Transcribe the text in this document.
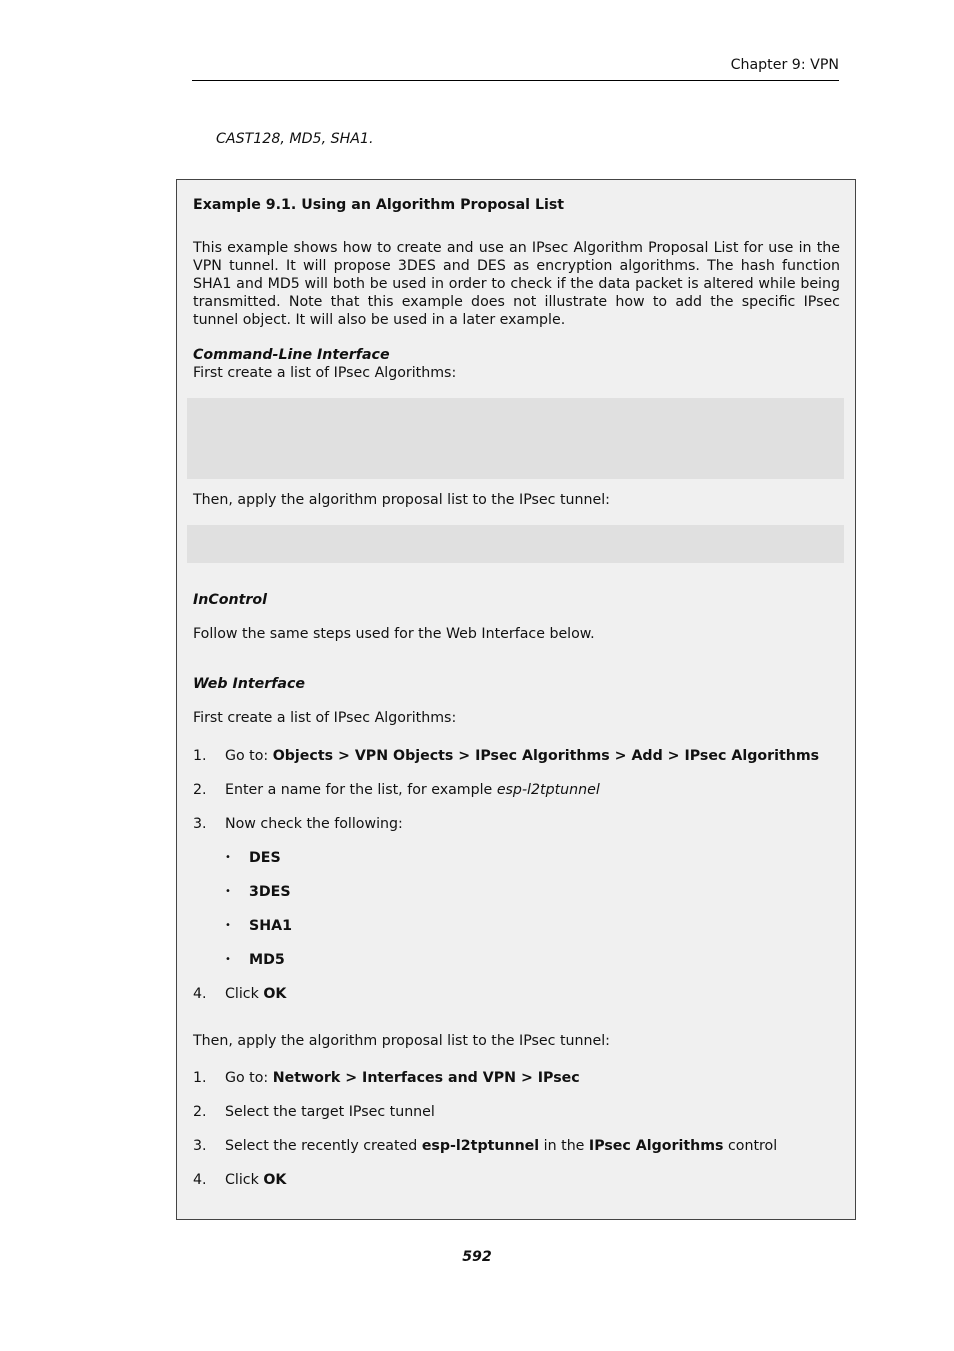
Chapter 9: VPN
CAST128, MD5, SHA1.
Example 9.1. Using an Algorithm Proposal List
This example shows how to create and use an IPsec Algorithm Proposal List for use in the VPN tunnel. It will propose 3DES and DES as encryption algorithms. The hash function SHA1 and MD5 will both be used in order to check if the data packet is altered while being transmitted. Note that this example does not illustrate how to add the specific IPsec tunnel object. It will also be used in a later example.
Command-Line Interface
First create a list of IPsec Algorithms:
Then, apply the algorithm proposal list to the IPsec tunnel:
InControl
Follow the same steps used for the Web Interface below.
Web Interface
First create a list of IPsec Algorithms:
1. Go to: Objects > VPN Objects > IPsec Algorithms > Add > IPsec Algorithms
2. Enter a name for the list, for example esp-l2tptunnel
3. Now check the following:
• DES
• 3DES
• SHA1
• MD5
4. Click OK
Then, apply the algorithm proposal list to the IPsec tunnel:
1. Go to: Network > Interfaces and VPN > IPsec
2. Select the target IPsec tunnel
3. Select the recently created esp-l2tptunnel in the IPsec Algorithms control
4. Click OK
592
